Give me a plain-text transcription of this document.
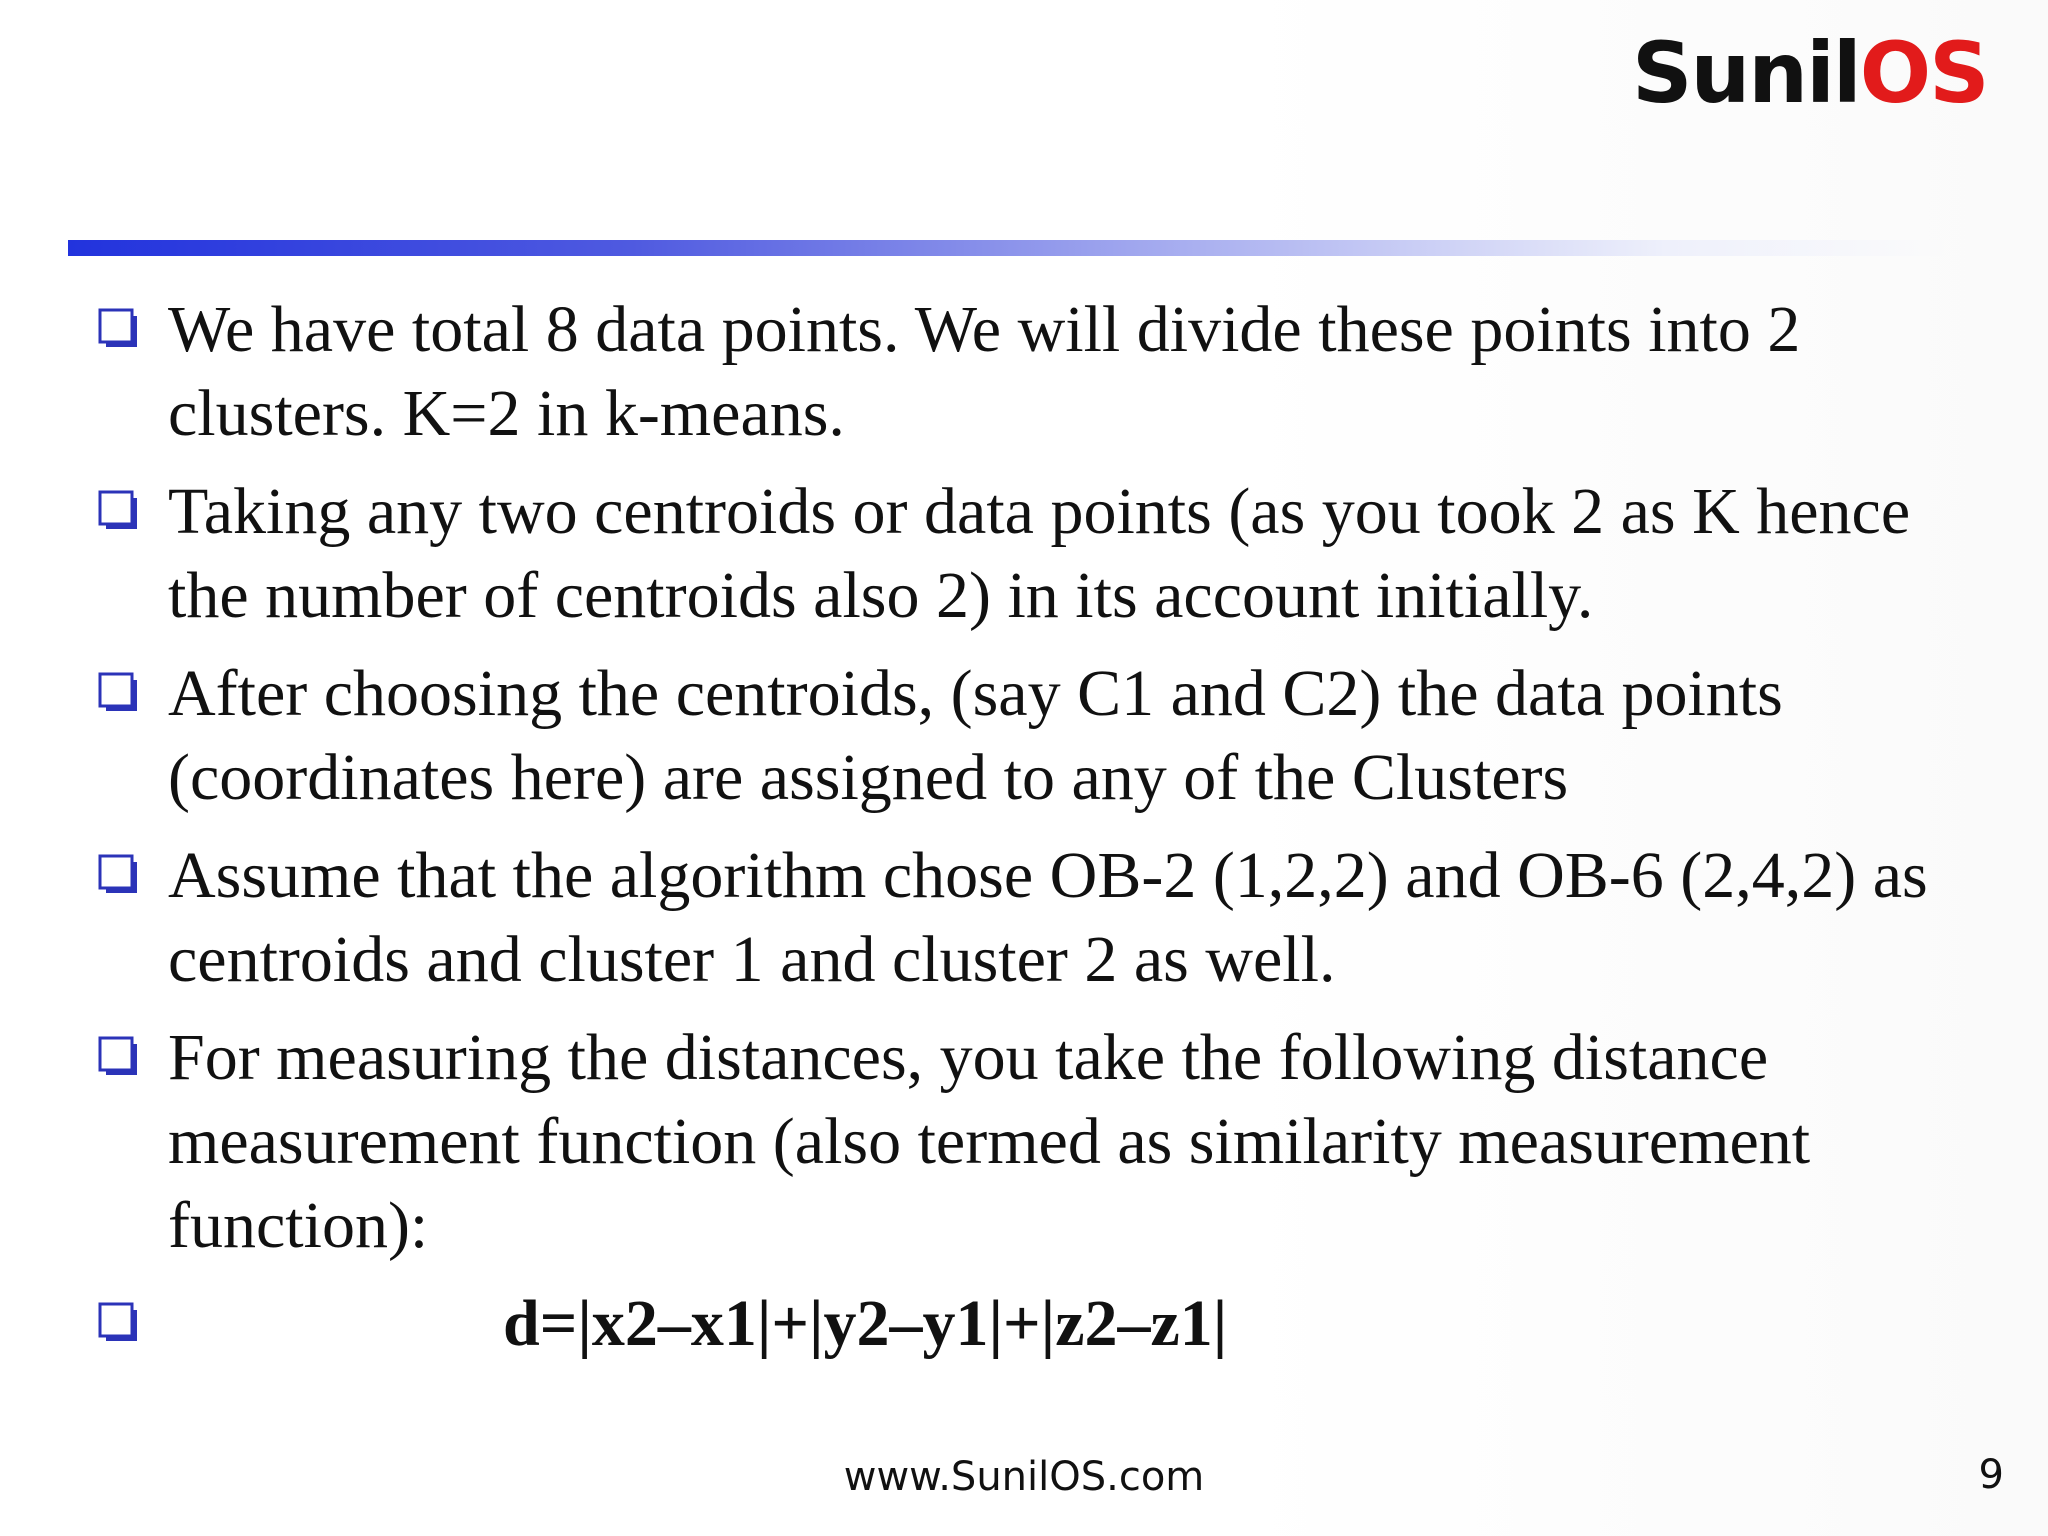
SunilOS
We have total 8 data points. We will divide these points into 2 clusters. K=2 in k-means.
Taking any two centroids or data points (as you took 2 as K hence the number of centroids also 2) in its account initially.
After choosing the centroids, (say C1 and C2) the data points (coordinates here) are assigned to any of the Clusters
Assume that the algorithm chose OB-2 (1,2,2) and OB-6 (2,4,2) as centroids and cluster 1 and cluster 2 as well.
For measuring the distances, you take the following distance measurement function (also termed as similarity measurement function):
d=|x2–x1|+|y2–y1|+|z2–z1|
www.SunilOS.com	9
